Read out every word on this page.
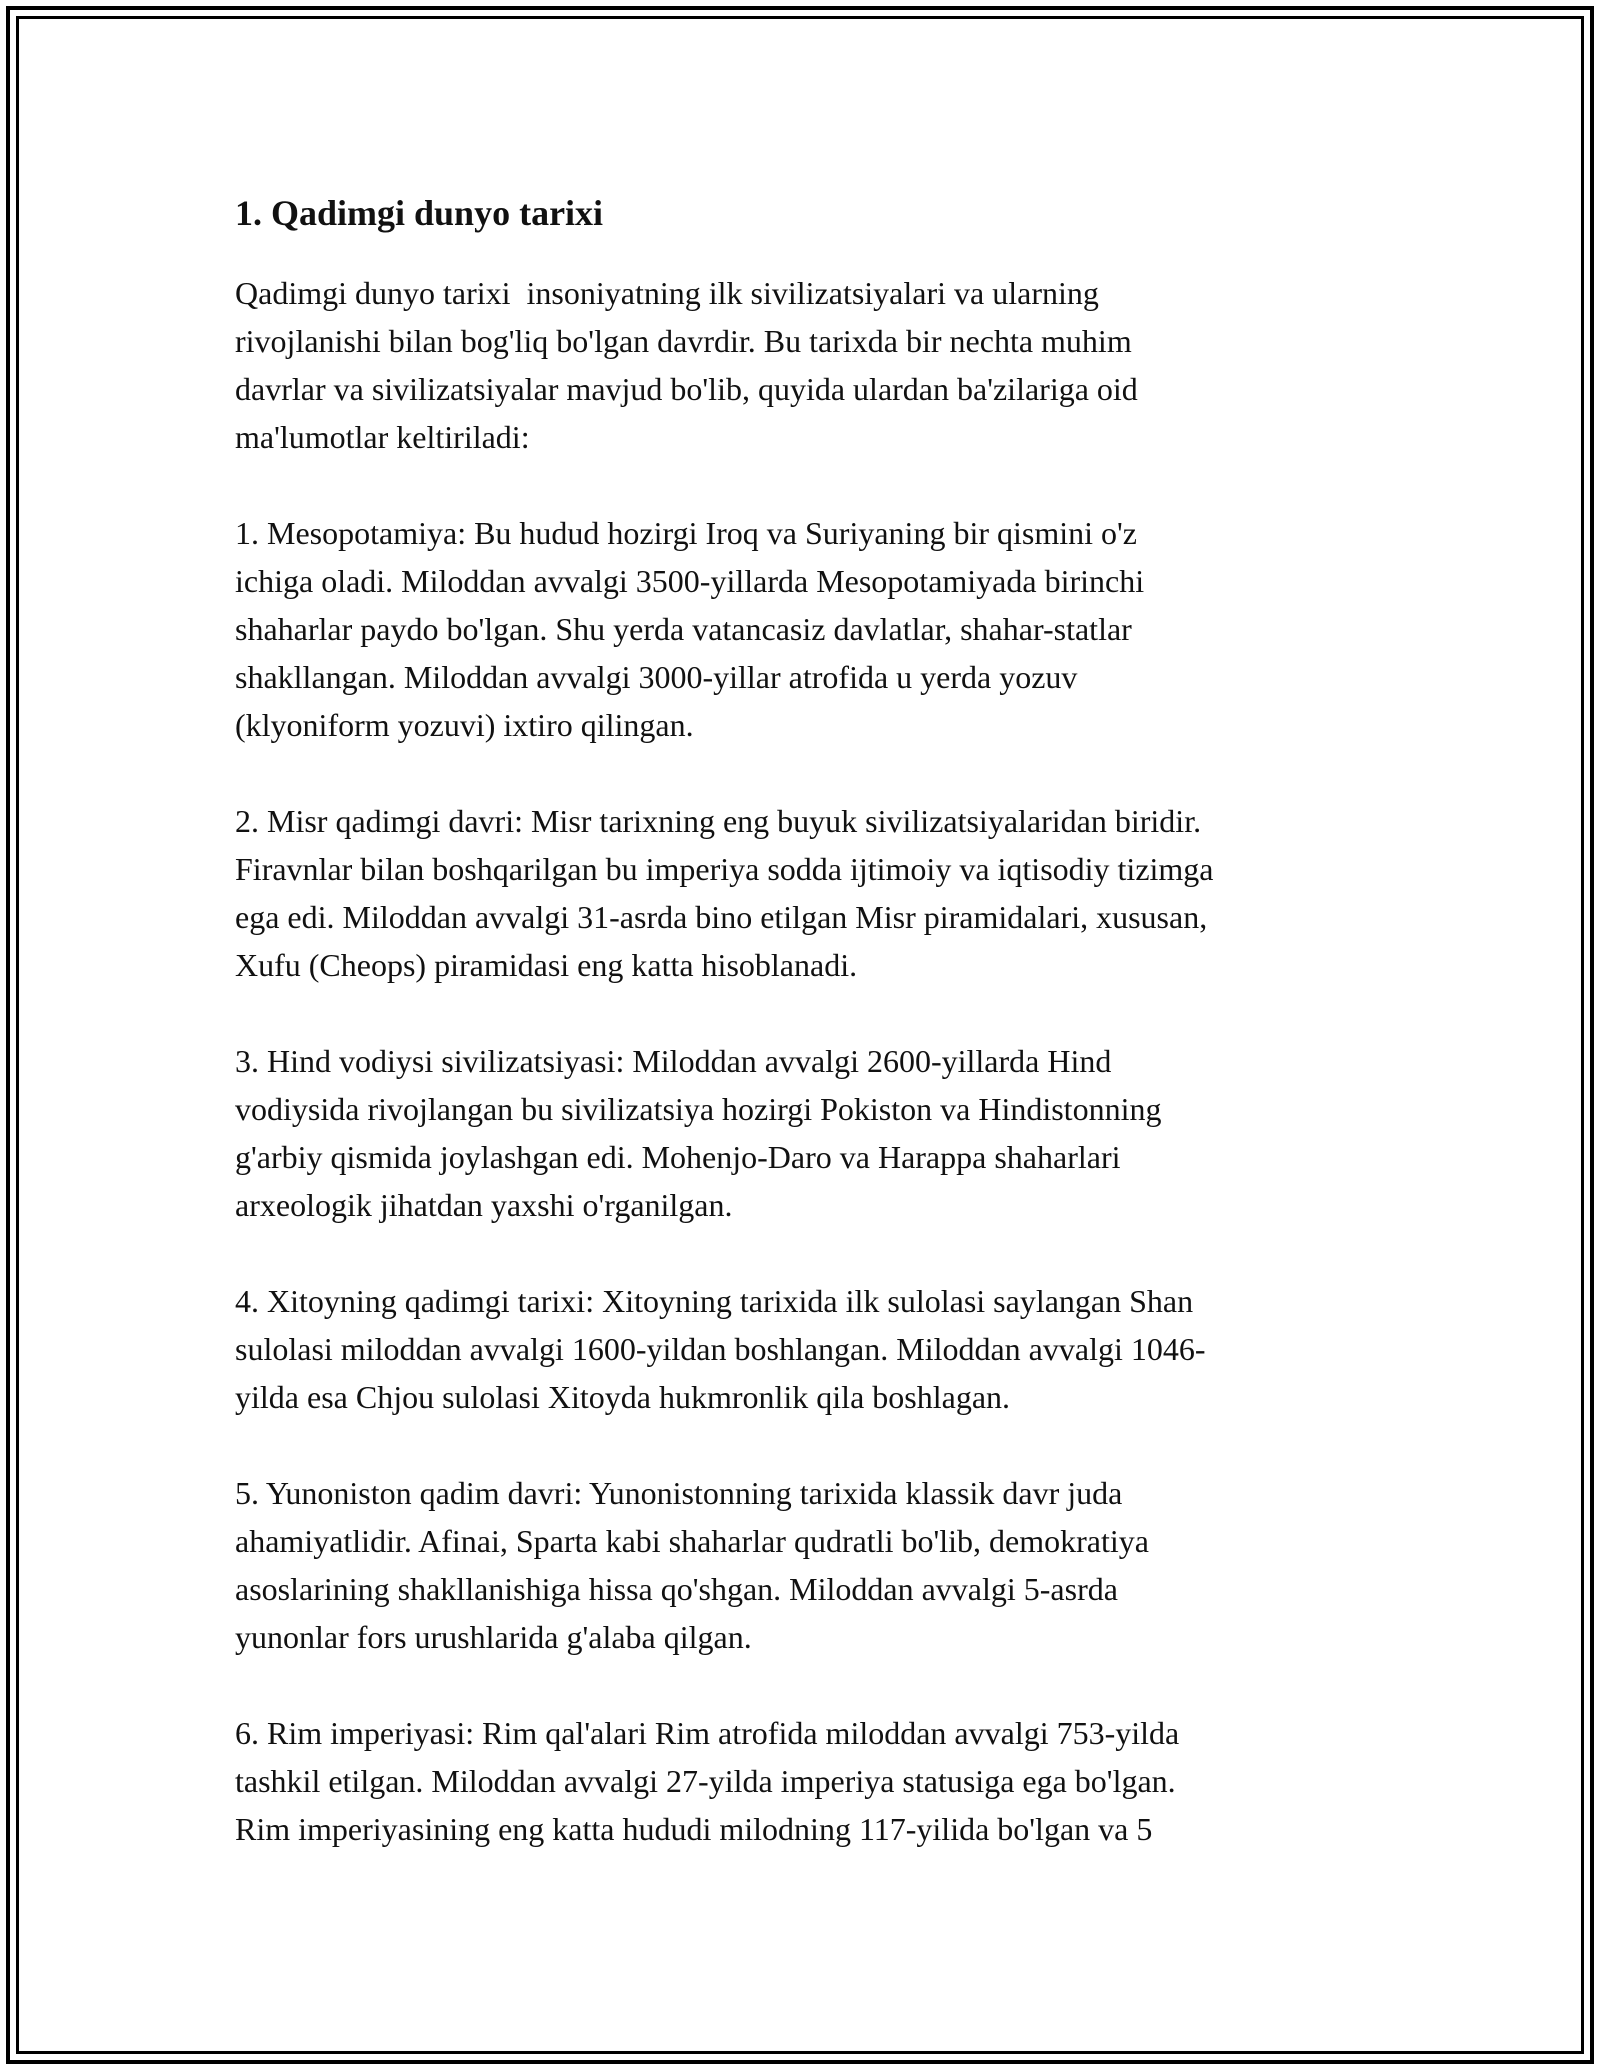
1. Qadimgi dunyo tarixi

Qadimgi dunyo tarixi  insoniyatning ilk sivilizatsiyalari va ularning
rivojlanishi bilan bog'liq bo'lgan davrdir. Bu tarixda bir nechta muhim
davrlar va sivilizatsiyalar mavjud bo'lib, quyida ulardan ba'zilariga oid
ma'lumotlar keltiriladi:

1. Mesopotamiya: Bu hudud hozirgi Iroq va Suriyaning bir qismini o'z
ichiga oladi. Miloddan avvalgi 3500-yillarda Mesopotamiyada birinchi
shaharlar paydo bo'lgan. Shu yerda vatancasiz davlatlar, shahar-statlar
shakllangan. Miloddan avvalgi 3000-yillar atrofida u yerda yozuv
(klyoniform yozuvi) ixtiro qilingan.

2. Misr qadimgi davri: Misr tarixning eng buyuk sivilizatsiyalaridan biridir.
Firavnlar bilan boshqarilgan bu imperiya sodda ijtimoiy va iqtisodiy tizimga
ega edi. Miloddan avvalgi 31-asrda bino etilgan Misr piramidalari, xususan,
Xufu (Cheops) piramidasi eng katta hisoblanadi.

3. Hind vodiysi sivilizatsiyasi: Miloddan avvalgi 2600-yillarda Hind
vodiysida rivojlangan bu sivilizatsiya hozirgi Pokiston va Hindistonning
g'arbiy qismida joylashgan edi. Mohenjo-Daro va Harappa shaharlari
arxeologik jihatdan yaxshi o'rganilgan.

4. Xitoyning qadimgi tarixi: Xitoyning tarixida ilk sulolasi saylangan Shan
sulolasi miloddan avvalgi 1600-yildan boshlangan. Miloddan avvalgi 1046-
yilda esa Chjou sulolasi Xitoyda hukmronlik qila boshlagan.

5. Yunoniston qadim davri: Yunonistonning tarixida klassik davr juda
ahamiyatlidir. Afinai, Sparta kabi shaharlar qudratli bo'lib, demokratiya
asoslarining shakllanishiga hissa qo'shgan. Miloddan avvalgi 5-asrda
yunonlar fors urushlarida g'alaba qilgan.

6. Rim imperiyasi: Rim qal'alari Rim atrofida miloddan avvalgi 753-yilda
tashkil etilgan. Miloddan avvalgi 27-yilda imperiya statusiga ega bo'lgan.
Rim imperiyasining eng katta hududi milodning 117-yilida bo'lgan va 5
